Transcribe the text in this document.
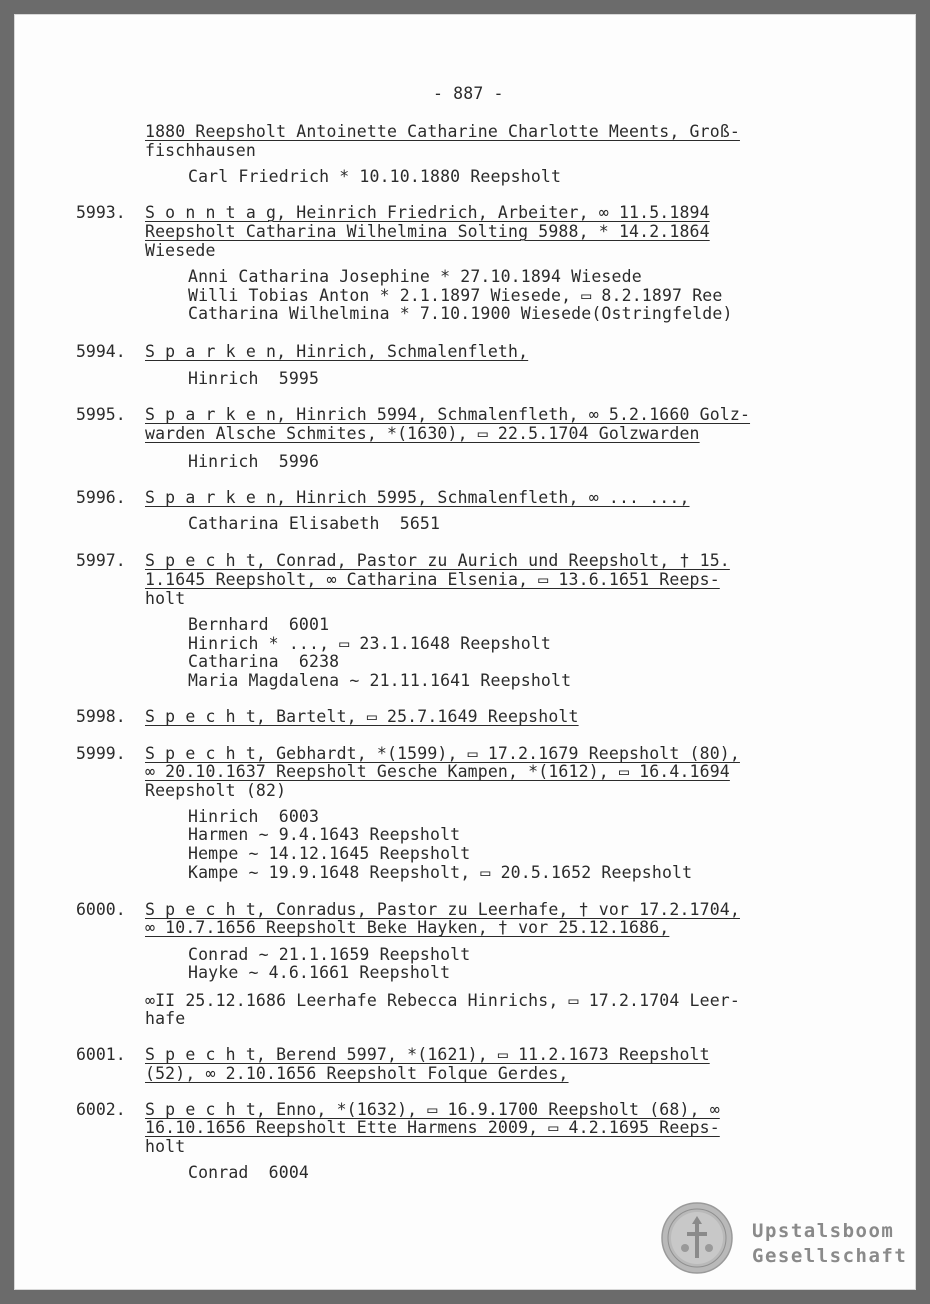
- 887 -
1880 Reepsholt Antoinette Catharine Charlotte Meents, Groß-
fischhausen
Carl Friedrich * 10.10.1880 Reepsholt
5993. S o n n t a g, Heinrich Friedrich, Arbeiter, ∞ 11.5.1894
Reepsholt Catharina Wilhelmina Solting 5988, * 14.2.1864
Wiesede
Anni Catharina Josephine * 27.10.1894 Wiesede
Willi Tobias Anton * 2.1.1897 Wiesede, ▭ 8.2.1897 Ree
Catharina Wilhelmina * 7.10.1900 Wiesede(Ostringfelde)
5994. S p a r k e n, Hinrich, Schmalenfleth,
Hinrich  5995
5995. S p a r k e n, Hinrich 5994, Schmalenfleth, ∞ 5.2.1660 Golz-
warden Alsche Schmites, *(1630), ▭ 22.5.1704 Golzwarden
Hinrich  5996
5996. S p a r k e n, Hinrich 5995, Schmalenfleth, ∞ ... ...,
Catharina Elisabeth  5651
5997. S p e c h t, Conrad, Pastor zu Aurich und Reepsholt, † 15.
1.1645 Reepsholt, ∞ Catharina Elsenia, ▭ 13.6.1651 Reeps-
holt
Bernhard  6001
Hinrich * ..., ▭ 23.1.1648 Reepsholt
Catharina  6238
Maria Magdalena ~ 21.11.1641 Reepsholt
5998. S p e c h t, Bartelt, ▭ 25.7.1649 Reepsholt
5999. S p e c h t, Gebhardt, *(1599), ▭ 17.2.1679 Reepsholt (80),
∞ 20.10.1637 Reepsholt Gesche Kampen, *(1612), ▭ 16.4.1694
Reepsholt (82)
Hinrich  6003
Harmen ~ 9.4.1643 Reepsholt
Hempe ~ 14.12.1645 Reepsholt
Kampe ~ 19.9.1648 Reepsholt, ▭ 20.5.1652 Reepsholt
6000. S p e c h t, Conradus, Pastor zu Leerhafe, † vor 17.2.1704,
∞ 10.7.1656 Reepsholt Beke Hayken, † vor 25.12.1686,
Conrad ~ 21.1.1659 Reepsholt
Hayke ~ 4.6.1661 Reepsholt
∞II 25.12.1686 Leerhafe Rebecca Hinrichs, ▭ 17.2.1704 Leer-
hafe
6001. S p e c h t, Berend 5997, *(1621), ▭ 11.2.1673 Reepsholt
(52), ∞ 2.10.1656 Reepsholt Folque Gerdes,
6002. S p e c h t, Enno, *(1632), ▭ 16.9.1700 Reepsholt (68), ∞
16.10.1656 Reepsholt Ette Harmens 2009, ▭ 4.2.1695 Reeps-
holt
Conrad  6004
Upstalsboom
Gesellschaft
